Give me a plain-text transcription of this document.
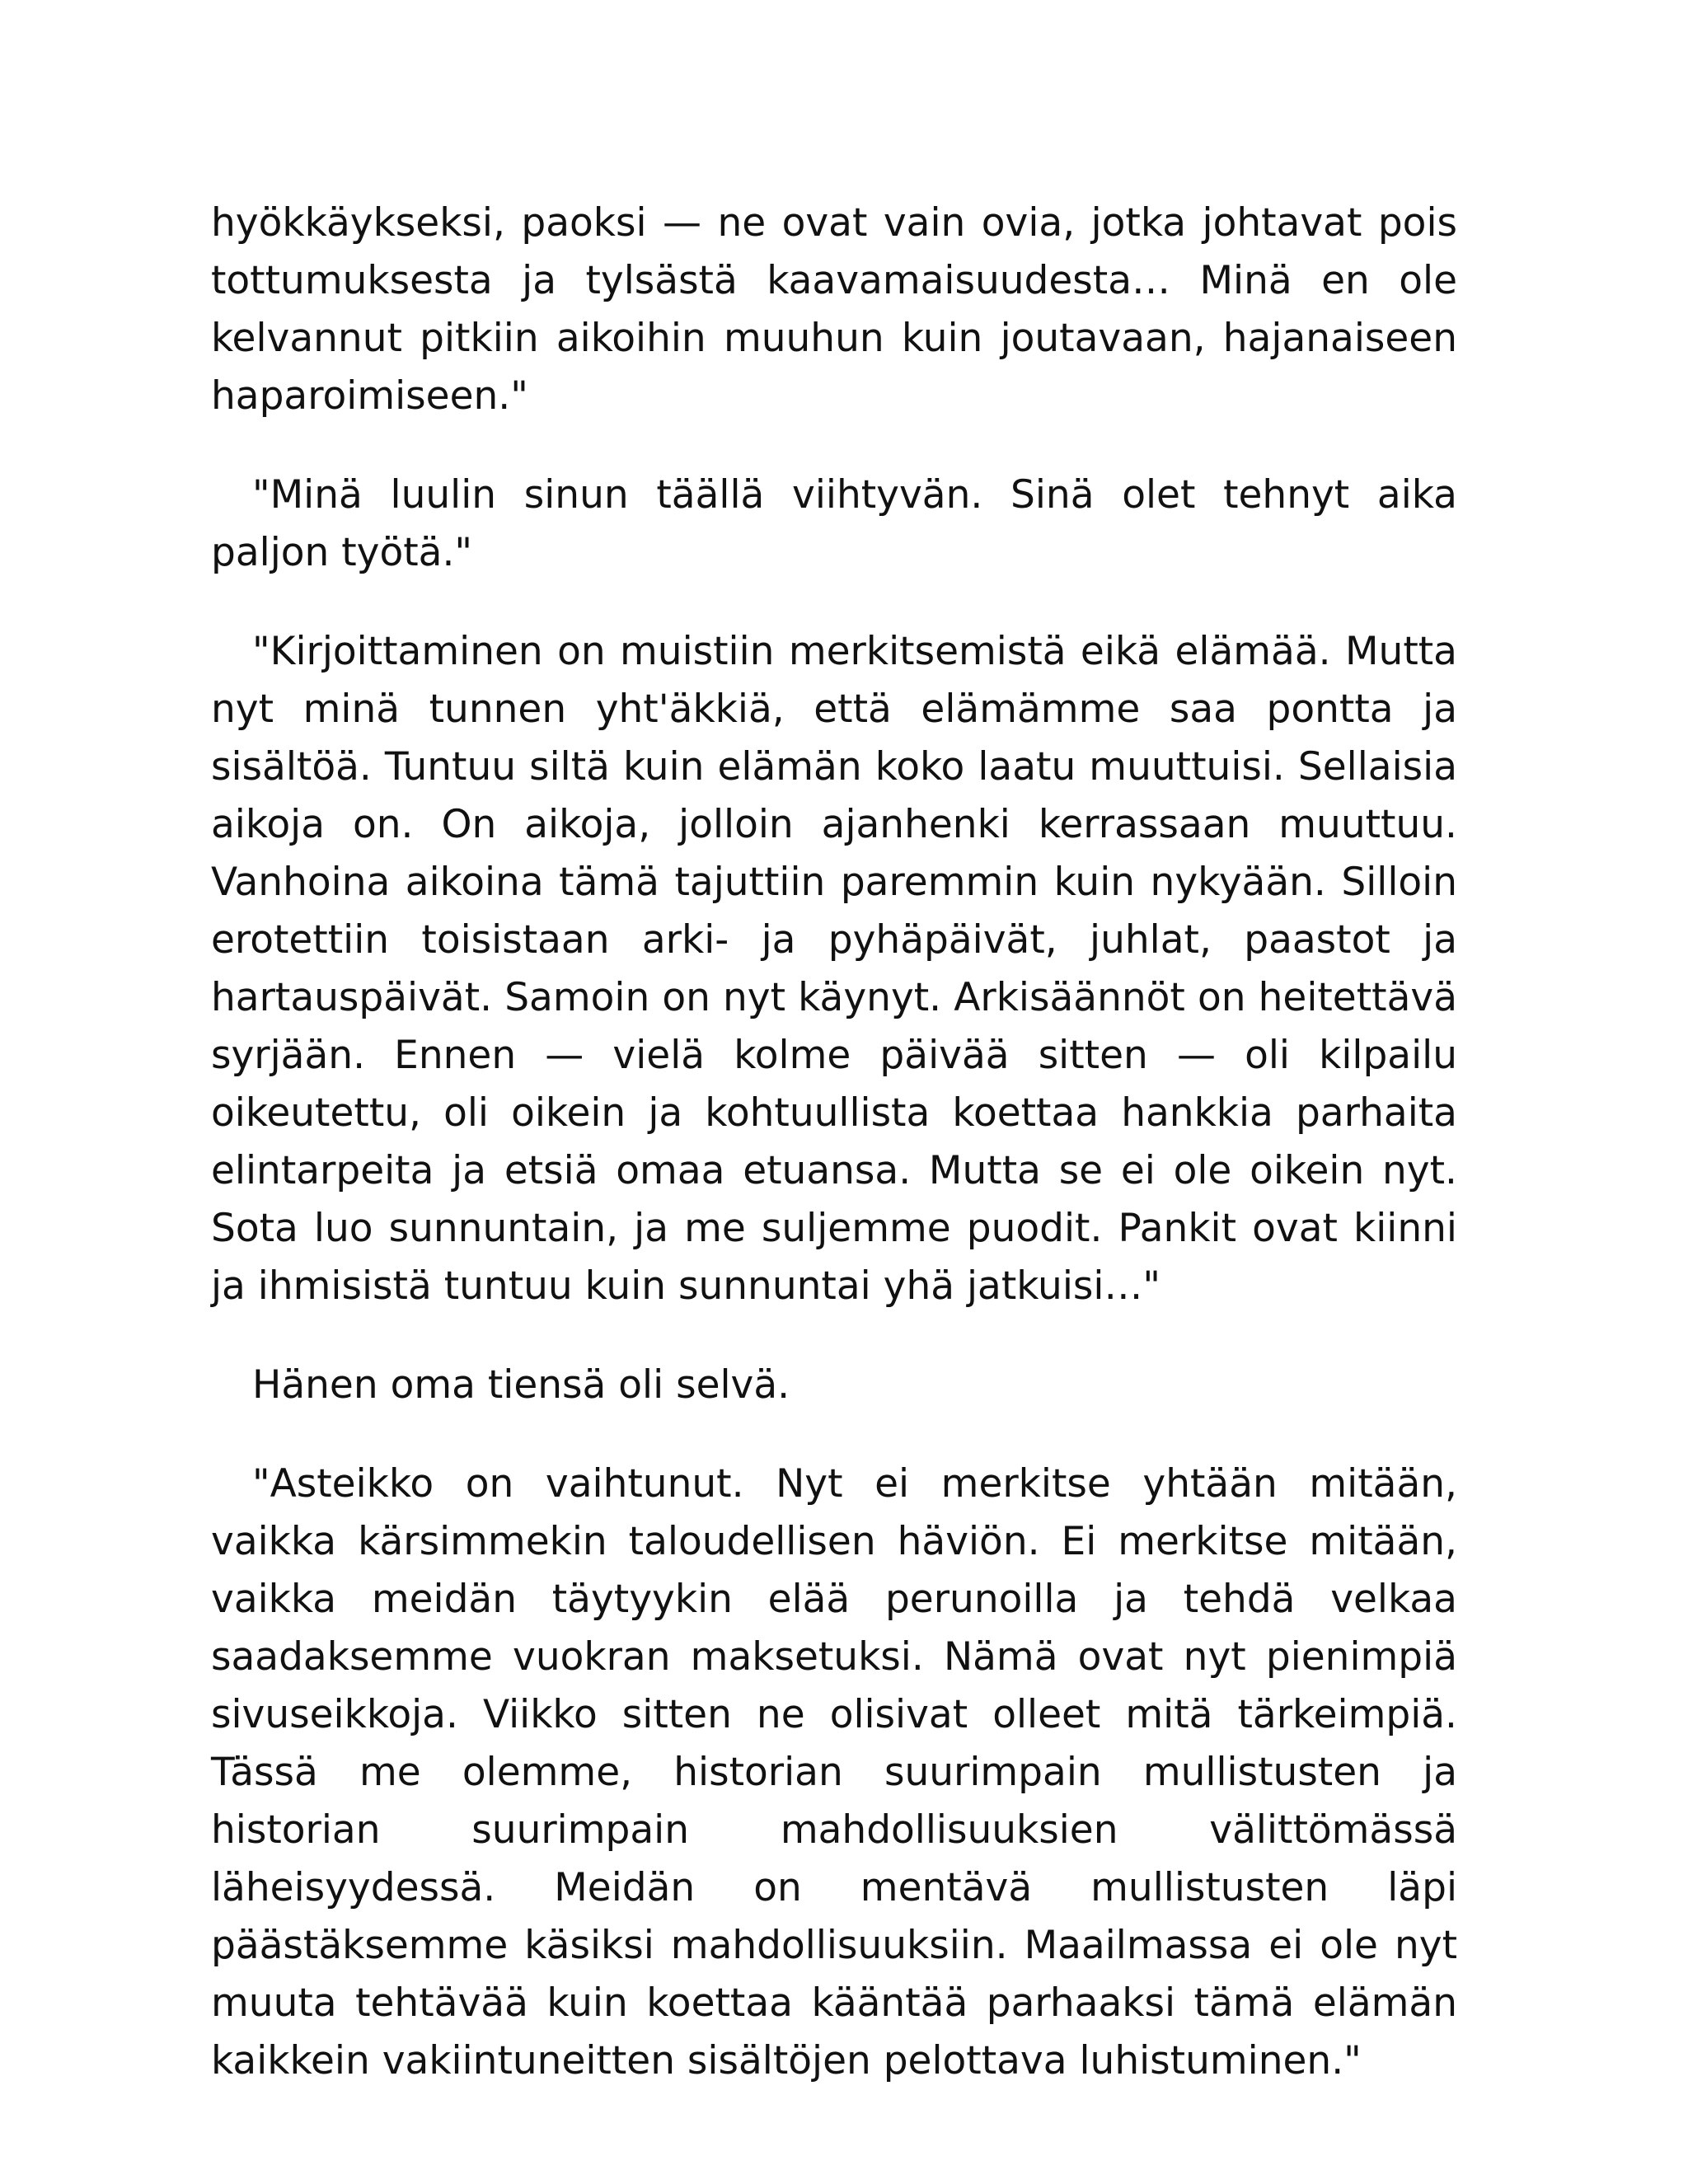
hyökkäykseksi, paoksi — ne ovat vain ovia, jotka johtavat pois tottumuksesta ja tylsästä kaavamaisuudesta… Minä en ole kelvannut pitkiin aikoihin muuhun kuin joutavaan, hajanaiseen haparoimiseen."

"Minä luulin sinun täällä viihtyvän. Sinä olet tehnyt aika paljon työtä."

"Kirjoittaminen on muistiin merkitsemistä eikä elämää. Mutta nyt minä tunnen yht'äkkiä, että elämämme saa pontta ja sisältöä. Tuntuu siltä kuin elämän koko laatu muuttuisi. Sellaisia aikoja on. On aikoja, jolloin ajanhenki kerrassaan muuttuu. Vanhoina aikoina tämä tajuttiin paremmin kuin nykyään. Silloin erotettiin toisistaan arki- ja pyhäpäivät, juhlat, paastot ja hartauspäivät. Samoin on nyt käynyt. Arkisäännöt on heitettävä syrjään. Ennen — vielä kolme päivää sitten — oli kilpailu oikeutettu, oli oikein ja kohtuullista koettaa hankkia parhaita elintarpeita ja etsiä omaa etuansa. Mutta se ei ole oikein nyt. Sota luo sunnuntain, ja me suljemme puodit. Pankit ovat kiinni ja ihmisistä tuntuu kuin sunnuntai yhä jatkuisi…"

Hänen oma tiensä oli selvä.

"Asteikko on vaihtunut. Nyt ei merkitse yhtään mitään, vaikka kärsimmekin taloudellisen häviön. Ei merkitse mitään, vaikka meidän täytyykin elää perunoilla ja tehdä velkaa saadaksemme vuokran maksetuksi. Nämä ovat nyt pienimpiä sivuseikkoja. Viikko sitten ne olisivat olleet mitä tärkeimpiä. Tässä me olemme, historian suurimpain mullistusten ja historian suurimpain mahdollisuuksien välittömässä läheisyydessä. Meidän on mentävä mullistusten läpi päästäksemme käsiksi mahdollisuuksiin. Maailmassa ei ole nyt muuta tehtävää kuin koettaa kääntää parhaaksi tämä elämän kaikkein vakiintuneitten sisältöjen pelottava luhistuminen."
